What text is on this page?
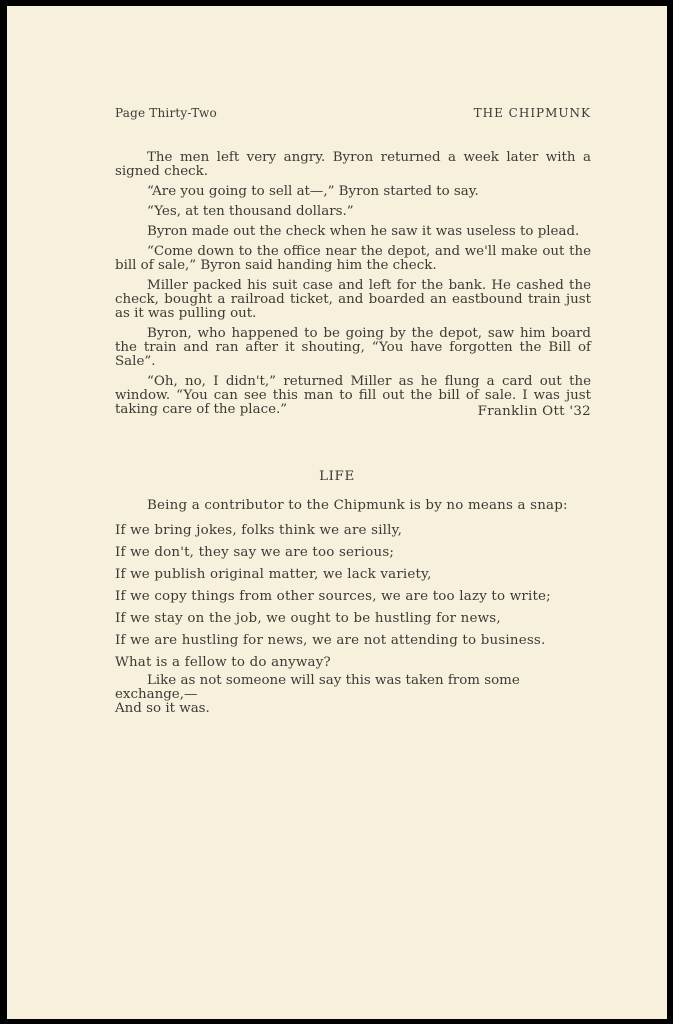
Page Thirty-Two	THE CHIPMUNK

The men left very angry. Byron returned a week later with a signed check.

“Are you going to sell at—,” Byron started to say.

“Yes, at ten thousand dollars.”

Byron made out the check when he saw it was useless to plead.

“Come down to the office near the depot, and we'll make out the bill of sale,” Byron said handing him the check.

Miller packed his suit case and left for the bank. He cashed the check, bought a railroad ticket, and boarded an eastbound train just as it was pulling out.

Byron, who happened to be going by the depot, saw him board the train and ran after it shouting, “You have forgotten the Bill of Sale”.

“Oh, no, I didn't,” returned Miller as he flung a card out the window. “You can see this man to fill out the bill of sale. I was just taking care of the place.”	Franklin Ott '32
LIFE
Being a contributor to the Chipmunk is by no means a snap:
If we bring jokes, folks think we are silly,
If we don't, they say we are too serious;
If we publish original matter, we lack variety,
If we copy things from other sources, we are too lazy to write;
If we stay on the job, we ought to be hustling for news,
If we are hustling for news, we are not attending to business.
What is a fellow to do anyway?
Like as not someone will say this was taken from some exchange,—
And so it was.
